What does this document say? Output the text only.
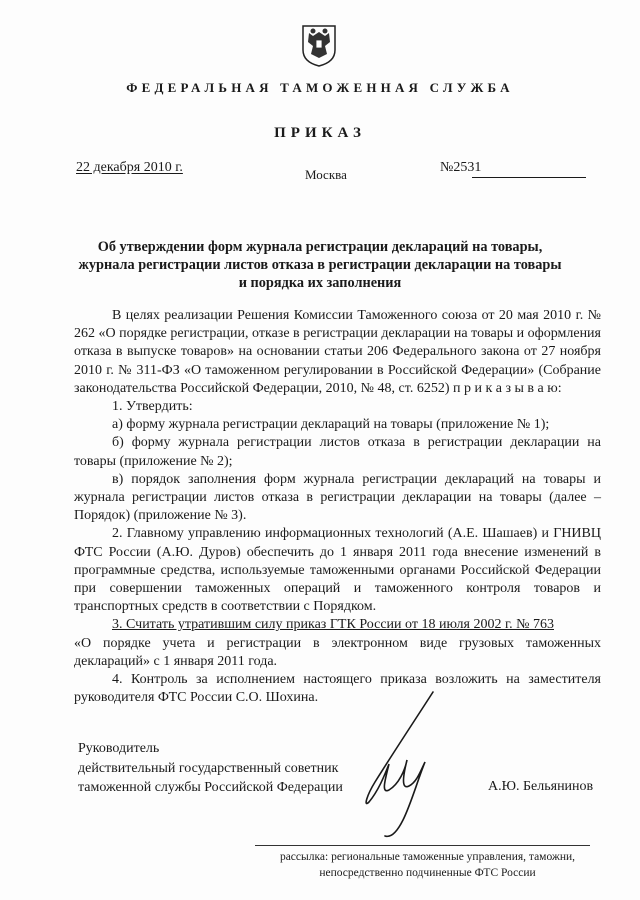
ФЕДЕРАЛЬНАЯ ТАМОЖЕННАЯ СЛУЖБА
ПРИКАЗ
22 декабря 2010 г.	Москва	№2531
Об утверждении форм журнала регистрации деклараций на товары,
журнала регистрации листов отказа в регистрации декларации на товары
и порядка их заполнения

В целях реализации Решения Комиссии Таможенного союза от 20 мая 2010 г. № 262 «О порядке регистрации, отказе в регистрации декларации на товары и оформления отказа в выпуске товаров» на основании статьи 206 Федерального закона от 27 ноября 2010 г. № 311-ФЗ «О таможенном регулировании в Российской Федерации» (Собрание законодательства Российской Федерации, 2010, № 48, ст. 6252) п р и к а з ы в а ю:

1. Утвердить:

а) форму журнала регистрации деклараций на товары (приложение № 1);

б) форму журнала регистрации листов отказа в регистрации декларации на товары (приложение № 2);

в) порядок заполнения форм журнала регистрации деклараций на товары и журнала регистрации листов отказа в регистрации декларации на товары (далее – Порядок) (приложение № 3).

2. Главному управлению информационных технологий (А.Е. Шашаев) и ГНИВЦ ФТС России (А.Ю. Дуров) обеспечить до 1 января 2011 года внесение изменений в программные средства, используемые таможенными органами Российской Федерации при совершении таможенных операций и таможенного контроля товаров и транспортных средств в соответствии с Порядком.

3. Считать утратившим силу приказ ГТК России от 18 июля 2002 г. № 763

«О порядке учета и регистрации в электронном виде грузовых таможенных деклараций» с 1 января 2011 года.

4. Контроль за исполнением настоящего приказа возложить на заместителя руководителя ФТС России С.О. Шохина.

Руководитель
действительный государственный советник
таможенной службы Российской Федерации	А.Ю. Бельянинов
рассылка: региональные таможенные управления, таможни,
непосредственно подчиненные ФТС России
